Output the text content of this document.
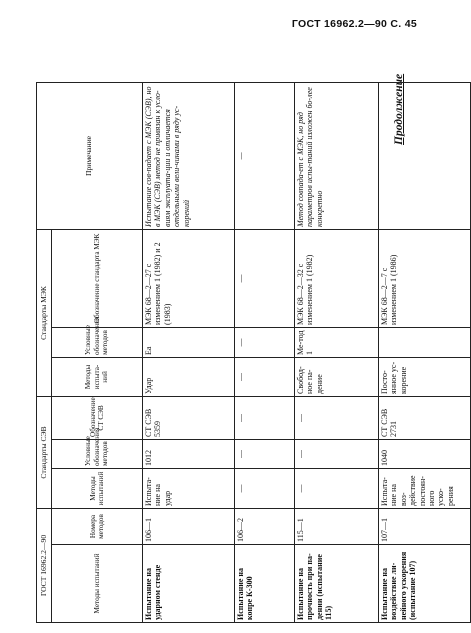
ГОСТ 16962.2—90 С. 45
Продолжение
ГОСТ 16962.2—90		Стандарты СЭВ			Стандарты МЭК			Примечание
Методы испытаний	Номера методов	Методы испытаний	Условные обозначения методов	Обозначение СТ СЭВ	Методы испыта-ний	Условные обозначения методов	Обозначение стандарта МЭК	
Испытание на ударном стенде	106—1	Испыта-ние на удар	1012	СТ СЭВ 5359	Удар	Ea	МЭК 68—2—27 с изменением 1 (1982) и 2 (1983)	Испытание сов-падает с МЭК (СЭВ), но в МЭК (СЭВ) метод не привязан к усло-виям эксплуата-ции и отличается отдельными вели-чинами в ряду ус-корений
Испытание на копре К-300	106—2	—	—	—	—	—	—	—

Испытание на прочность при па-дении (испытание 115)	115—1	—	—	—	Свобод-ное па-дение	Ме-тод 1	МЭК 68—2—32 с изменением 1 (1982)	Метод совпада-ет с МЭК, но ряд параметров испы-таний изложен бо-лее конкретно
Испытание на воздействие ли-нейного ускорения (испытание 107)	107—1	Испыта-ние на воз-действие постоян-ного уско-рения	1040	СТ СЭВ 2731	Посто-янное ус-корение		МЭК 68—2—7 с изменением 1 (1986)	
